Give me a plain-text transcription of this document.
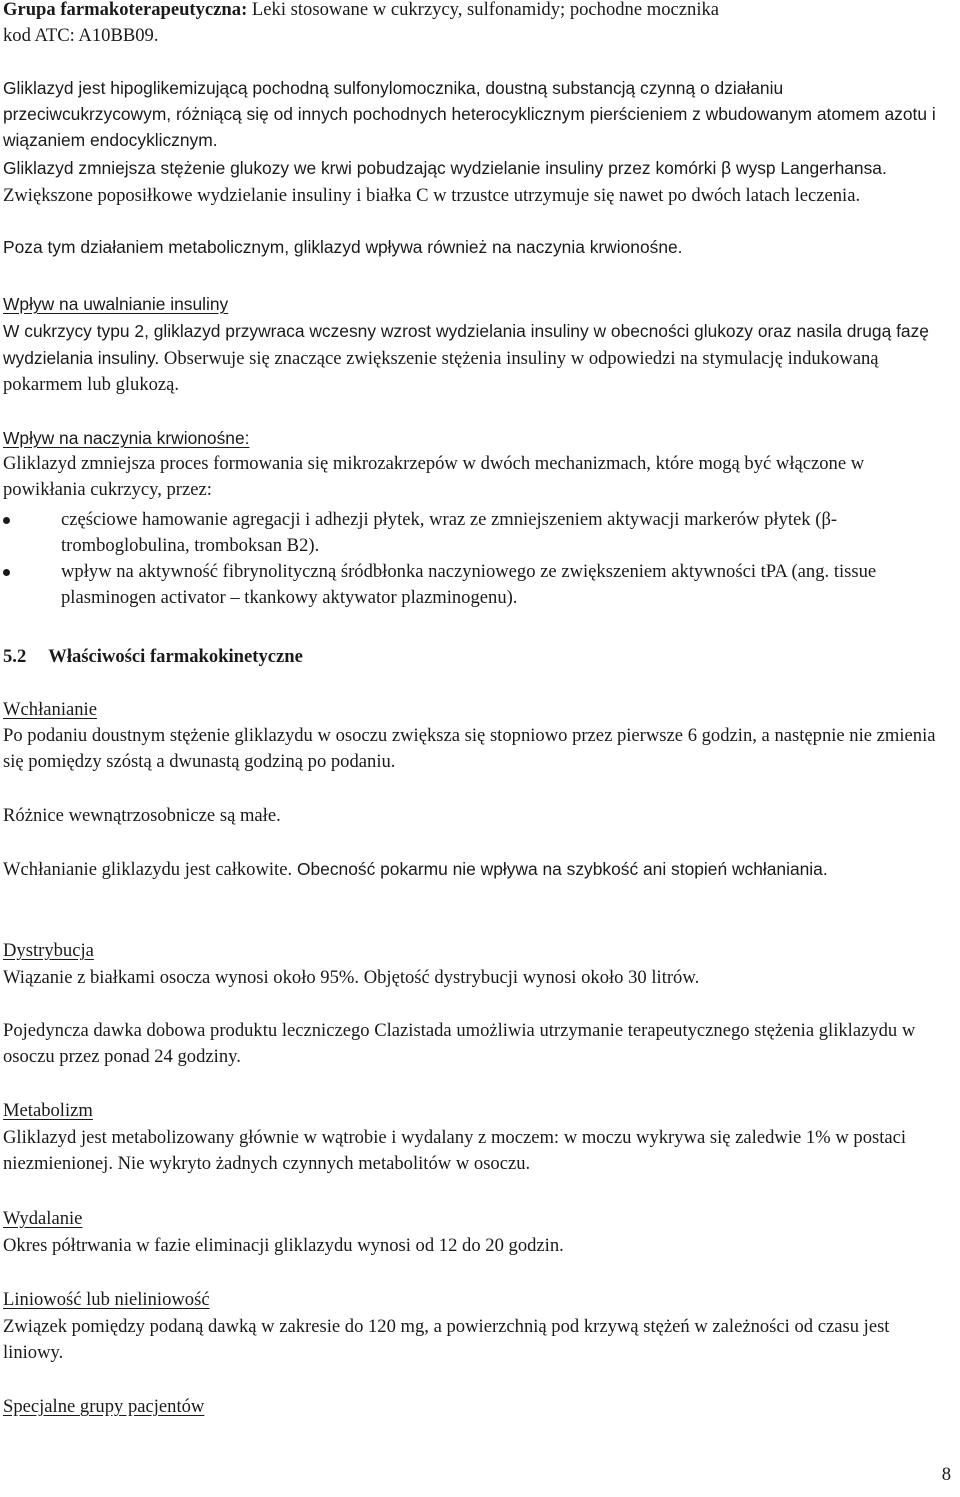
Grupa farmakoterapeutyczna: Leki stosowane w cukrzycy, sulfonamidy; pochodne mocznika
kod ATC: A10BB09.

Gliklazyd jest hipoglikemizującą pochodną sulfonylomocznika, doustną substancją czynną o działaniu przeciwcukrzycowym, różniącą się od innych pochodnych heterocyklicznym pierścieniem z wbudowanym atomem azotu i wiązaniem endocyklicznym.

Gliklazyd zmniejsza stężenie glukozy we krwi pobudzając wydzielanie insuliny przez komórki β wysp Langerhansa. Zwiększone poposiłkowe wydzielanie insuliny i białka C w trzustce utrzymuje się nawet po dwóch latach leczenia.

Poza tym działaniem metabolicznym, gliklazyd wpływa również na naczynia krwionośne.

Wpływ na uwalnianie insuliny

W cukrzycy typu 2, gliklazyd przywraca wczesny wzrost wydzielania insuliny w obecności glukozy oraz nasila drugą fazę wydzielania insuliny. Obserwuje się znaczące zwiększenie stężenia insuliny w odpowiedzi na stymulację indukowaną pokarmem lub glukozą.

Wpływ na naczynia krwionośne:

Gliklazyd zmniejsza proces formowania się mikrozakrzepów w dwóch mechanizmach, które mogą być włączone w powikłania cukrzycy, przez:

częściowe hamowanie agregacji i adhezji płytek, wraz ze zmniejszeniem aktywacji markerów płytek (β-tromboglobulina, tromboksan B2).
wpływ na aktywność fibrynolityczną śródbłonka naczyniowego ze zwiększeniem aktywności tPA (ang. tissue plasminogen activator – tkankowy aktywator plazminogenu).

5.2 Właściwości farmakokinetyczne

Wchłanianie

Po podaniu doustnym stężenie gliklazydu w osoczu zwiększa się stopniowo przez pierwsze 6 godzin, a następnie nie zmienia się pomiędzy szóstą a dwunastą godziną po podaniu.

Różnice wewnątrzosobnicze są małe.

Wchłanianie gliklazydu jest całkowite. Obecność pokarmu nie wpływa na szybkość ani stopień wchłaniania.

Dystrybucja

Wiązanie z białkami osocza wynosi około 95%. Objętość dystrybucji wynosi około 30 litrów.

Pojedyncza dawka dobowa produktu leczniczego Clazistada umożliwia utrzymanie terapeutycznego stężenia gliklazydu w osoczu przez ponad 24 godziny.

Metabolizm

Gliklazyd jest metabolizowany głównie w wątrobie i wydalany z moczem: w moczu wykrywa się zaledwie 1% w postaci niezmienionej. Nie wykryto żadnych czynnych metabolitów w osoczu.

Wydalanie

Okres półtrwania w fazie eliminacji gliklazydu wynosi od 12 do 20 godzin.

Liniowość lub nieliniowość

Związek pomiędzy podaną dawką w zakresie do 120 mg, a powierzchnią pod krzywą stężeń w zależności od czasu jest liniowy.

Specjalne grupy pacjentów

8
